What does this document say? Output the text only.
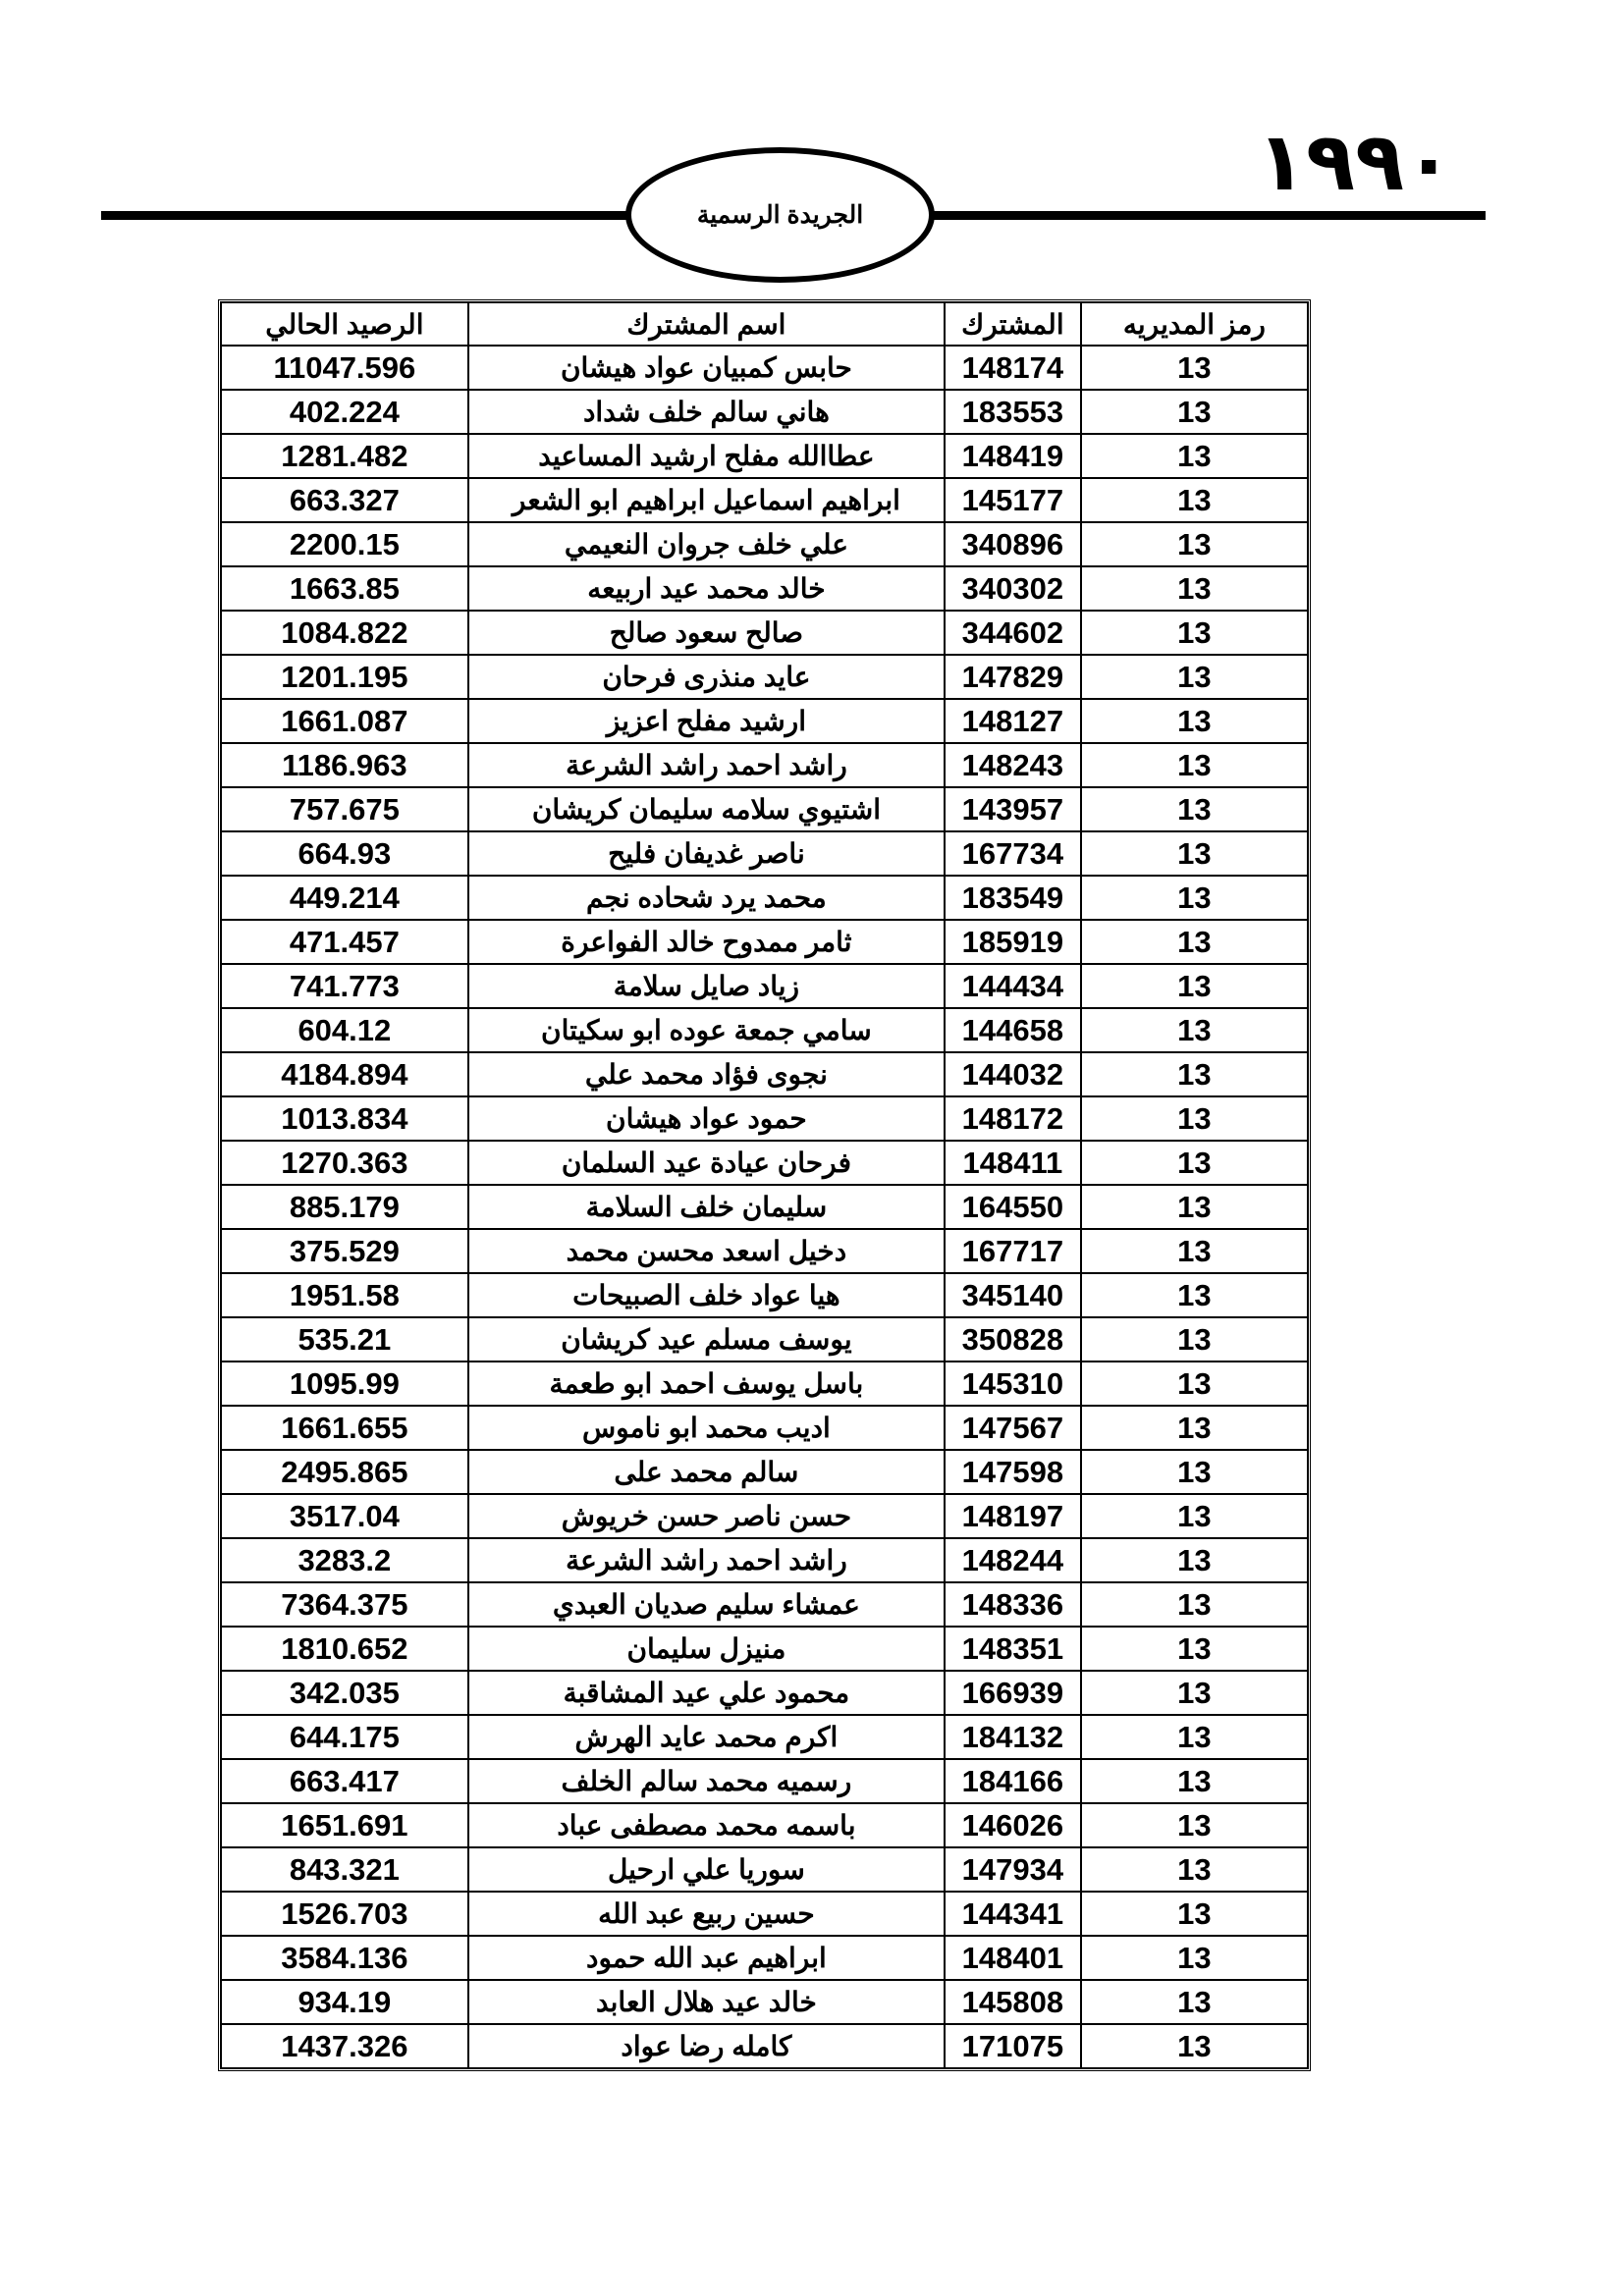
١٩٩٠
الجريدة الرسمية
رمز المديريه	المشترك	اسم المشترك	الرصيد الحالي
13	148174	حابس كمبيان عواد هيشان	11047.596
13	183553	هاني سالم خلف شداد	402.224
13	148419	عطاالله مفلح ارشيد المساعيد	1281.482
13	145177	ابراهيم اسماعيل ابراهيم ابو الشعر	663.327
13	340896	علي خلف جروان النعيمي	2200.15
13	340302	خالد محمد عيد اربيعه	1663.85
13	344602	صالح سعود صالح	1084.822
13	147829	عايد منذرى فرحان	1201.195
13	148127	ارشيد مفلح اعزيز	1661.087
13	148243	راشد احمد راشد الشرعة	1186.963
13	143957	اشتيوي سلامه سليمان كريشان	757.675
13	167734	ناصر غديفان فليح	664.93
13	183549	محمد يرد شحاده نجم	449.214
13	185919	ثامر ممدوح خالد الفواعرة	471.457
13	144434	زياد صايل سلامة	741.773
13	144658	سامي جمعة عوده ابو سكيتان	604.12
13	144032	نجوى فؤاد محمد علي	4184.894
13	148172	حمود عواد هيشان	1013.834
13	148411	فرحان عيادة عيد السلمان	1270.363
13	164550	سليمان خلف السلامة	885.179
13	167717	دخيل اسعد محسن محمد	375.529
13	345140	هيا عواد خلف الصبيحات	1951.58
13	350828	يوسف مسلم عيد كريشان	535.21
13	145310	باسل يوسف احمد ابو طعمة	1095.99
13	147567	اديب محمد ابو ناموس	1661.655
13	147598	سالم محمد على	2495.865
13	148197	حسن ناصر حسن خريوش	3517.04
13	148244	راشد احمد راشد الشرعة	3283.2
13	148336	عمشاء سليم صديان العبدي	7364.375
13	148351	منيزل سليمان	1810.652
13	166939	محمود علي عيد المشاقبة	342.035
13	184132	اكرم محمد عايد الهرش	644.175
13	184166	رسميه محمد سالم الخلف	663.417
13	146026	باسمه محمد مصطفى عباد	1651.691
13	147934	سوريا علي ارحيل	843.321
13	144341	حسين ربيع عبد الله	1526.703
13	148401	ابراهيم عبد الله حمود	3584.136
13	145808	خالد عيد هلال العابد	934.19
13	171075	كامله رضا عواد	1437.326
